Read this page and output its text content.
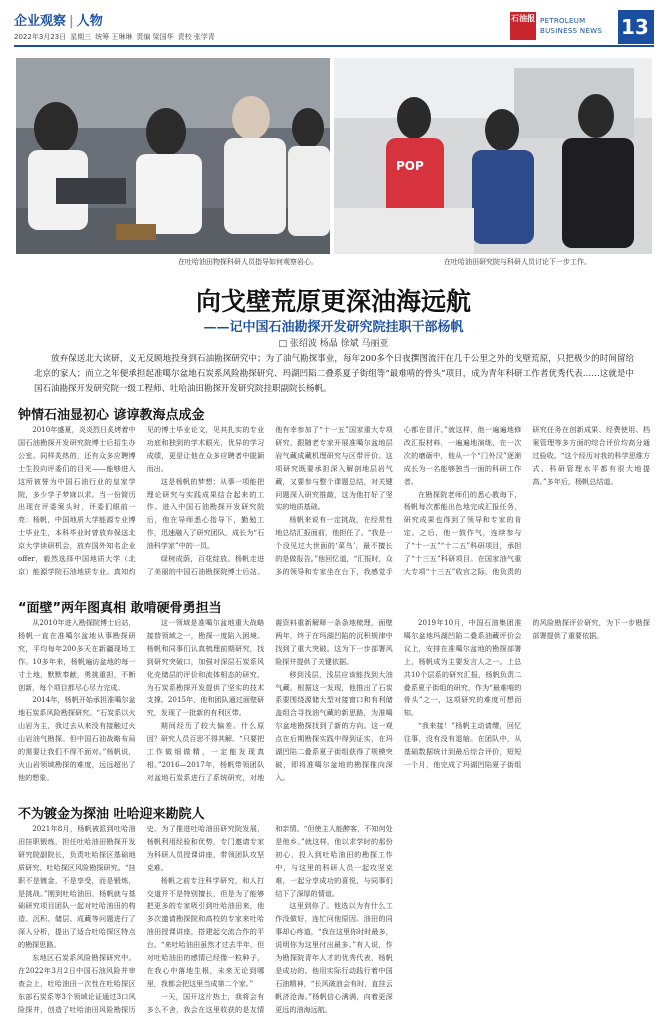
企业观察 | 人物
2022年3月23日 星期三 统筹 王琳琳 责编 梁国华 责校 张学青
石油报 PETROLEUM
BUSINESS NEWS 13
在吐哈油田物探科研人员指导如何观察岩心。
POP
在吐哈油田研究院与科研人员讨论下一步工作。
向戈壁荒原更深油海远航
——记中国石油勘探开发研究院挂职干部杨帆
□ 张绍波 杨晶 徐斌 马丽亚
放弃保送北大读研，义无反顾地投身到石油勘探研究中；为了油气勘探事业，每年200多个日夜撰图流汗在几千公里之外的戈壁荒原，只把极少的时间留给北京的家人；而立之年便承担起准噶尔盆地石炭系风险勘探研究、玛湖凹陷二叠系夏子街组等“最难啃的骨头”项目，成为青年科研工作者优秀代表……这就是中国石油勘探开发研究院一级工程师、吐哈油田勘探开发研究院挂职副院长杨帆。
钟情石油显初心 谚谆教海点成金

2010年盛夏，炎炎烈日炙烤着中国石油勘探开发研究院博士后招生办公室。同样炙热的，还有众多应聘博士生投向评委们的目光——能够进入这所被誉为中国石油行业的皇家学院，多少学子梦寐以求。当一份简历出现在评委案头时，评委们眼前一亮：杨帆，中国地质大学能源专业博士毕业生，本科毕业时曾放弃保送北京大学读研机会，放弃国外知名企业offer，毅然选择中国地质大学（北京）能源学院石油地质专业。真知灼见的博士毕业论文，见其扎实的专业功底和独到的学术眼光，优异的学习成绩，更是让他在众多应聘者中脱颖而出。

这是杨帆的梦想；从事一项能把理论研究与实践成果结合起来的工作。进入中国石油勘探开发研究院后，他在导师悉心指导下，勤勉工作，迅速融入了研究团队，成长为“石油科学家”中的一员。

绿树成荫，百花绽放。杨帆走进了美丽的中国石油勘探院博士后站。他有幸参加了“十一五”国家重大专项研究，跟随老专家开展准噶尔盆地层岩气藏成藏机理研究与区带评价。这项研究既要承担深入解剖地层岩气藏，又要参与整个课题总结，对关键问题深入研究推敲，这为他打好了坚实的地质基础。

杨帆来说有一定挑战，在经常性地总结汇报面前，他担任了。“我是一个没见过大世面的‘菜鸟’，最不擅长的是做报告。”他回忆道，“汇报时，众多的领导和专家坐在台下，我感觉手心都在冒汗。”就这样，他一遍遍地修改汇报材料，一遍遍地演练，在一次次的磨砺中，他从一个“门外汉”逐渐成长为一名能够独当一面的科研工作者。

在勘探院老师们的悉心教诲下，杨帆每次都能出色地完成汇报任务，研究成果也得到了领导和专家的肯定。之后，他一鼓作气，连续参与了“十一五”“十二五”科研项目，承担了“十三五”科研项目。在国家油气重大专项“十三五”收官之际，他负责的研究任务在创新成果、经费使用、档案管理等多方面的综合评价均高分通过验收。“这个经历对我的科学思维方式、科研管理水平都有很大地提高。”多年后，杨帆总结道。

“面壁”两年图真相 敢啃硬骨勇担当

从2010年进入勘探院博士后站，杨帆一直在准噶尔盆地从事勘探研究，平均每年200多天在新疆现场工作。10多年来，杨帆遍访盆地的每一寸土地，默默奉献，勇挑重担，不断创新，每个项目都尽心尽力完成。

2014年，杨帆开始承担准噶尔盆地石炭系风险勘探研究。“石炭系以火山岩为主，我过去从来没有接触过火山岩油气勘探。但中国石油战略布局的需要让我们不得不面对。”杨帆说，火山岩领域勘探的难度，远远超出了他的想象。

这一领域是准噶尔盆地重大战略接替领域之一，勘探一度陷入困境。杨帆和同事们认真梳理前期研究，找到研究突破口，加强对深层石炭系风化壳储层的评价和流体相态的研究，为石炭系勘探开发提供了坚实的技术支撑。2015年，他和团队通过面壁研究，发现了一批新的有利区带。

期间经历了较大偏差。什么原因？研究人员百思不得其解。“只要把工作做细做精，一定能发现真相。”2016—2017年，杨帆带领团队对盆地石炭系进行了系统研究，对地震资料重新解释一条条地梳理，面壁两年，终于在玛湖凹陷的沉积规律中找到了重大突破。这为下一步部署风险探井提供了关键依据。

移到浅层，浅层应该能找到大油气藏。根据这一发现，他推出了石炭系要围绕源储大型对接窗口和有利储盖组合寻找油气藏的新思路，为准噶尔盆地勘探找到了新的方向。这一观点在后期勘探实践中得到证实，在玛湖凹陷二叠系夏子街组获得了规模突破，即将准噶尔盆地的勘探推向深入。

2019年10月，中国石油集团准噶尔盆地玛湖凹陷二叠系油藏评价会议上，安排在准噶尔盆地的勘探部署上，杨帆成为主要发言人之一。上总共10个层系的研究汇报，杨帆负责二叠系夏子街组的研究，作为“最难啃的骨头”之一，这项研究的难度可想而知。

“我来接！”杨帆主动请缨，回忆往事，没有没有退缩。在团队中，从基础数据统计到最后综合评价，短短一个月，他完成了玛湖凹陷夏子街组的风险勘探评价研究，为下一步勘探部署提供了重要依据。

不为镀金为探油 吐哈迎来勘院人

2021年8月，杨帆被派到吐哈油田挂职锻炼，担任吐哈油田勘探开发研究院副院长，负责吐哈探区基础地质研究、吐哈探区风险勘探研究。“挂职不是镀金，不是享受，而是锻炼，是挑战。”刚到吐哈油田，杨帆就与基础研究项目团队一起对吐哈油田的构造、沉积、储层、成藏等问题进行了深入分析，提出了适合吐哈探区特点的勘探思路。

东地区石炭系风险勘探研究中。在2022年3月2日中国石油风险井审查会上，吐哈油田一次性在吐哈探区东部石炭系等3个领域论证通过3口风险探井，创造了吐哈油田风险勘探历史。为了推进吐哈油田研究院发展，杨帆利用经验和优势，专门邀请专家为科研人员授课讲座，带领团队攻坚克难。

杨帆之前专注科学研究，和人打交道并不是特别擅长，但是为了能够把更多的专家吸引到吐哈油田来，他多次邀请勘探院和高校的专家来吐哈油田授课讲座，搭建起交流合作的平台。“来吐哈油田虽然才过去半年，但对吐哈油田的感情已经像一粒种子，在我心中落地生根，未来无论到哪里，我都会把这里当成第二个家。”

一天，国开这片热土，我将会有多么不舍，我会在这里收获的是友情和亲情。“但使主人能醉客，不知何处是他乡。”就这样，他以求学时的那份初心，投入到吐哈油田的勘探工作中，与这里的科研人员一起攻坚克难，一起分享成功的喜悦，与同事们结下了深厚的情谊。

这里到你了。他选以为有什么工作没做好，连忙问他原因。油田的同事却心疼道，“我在这里你时时最多，说明你为这里付出最多。”有人说，作为勘探院青年人才的优秀代表，杨帆是成功的。他用实际行动践行着中国石油精神，“长风破浪会有时，直挂云帆济沧海。”杨帆信心满满，向着更深更远的油海远航。
